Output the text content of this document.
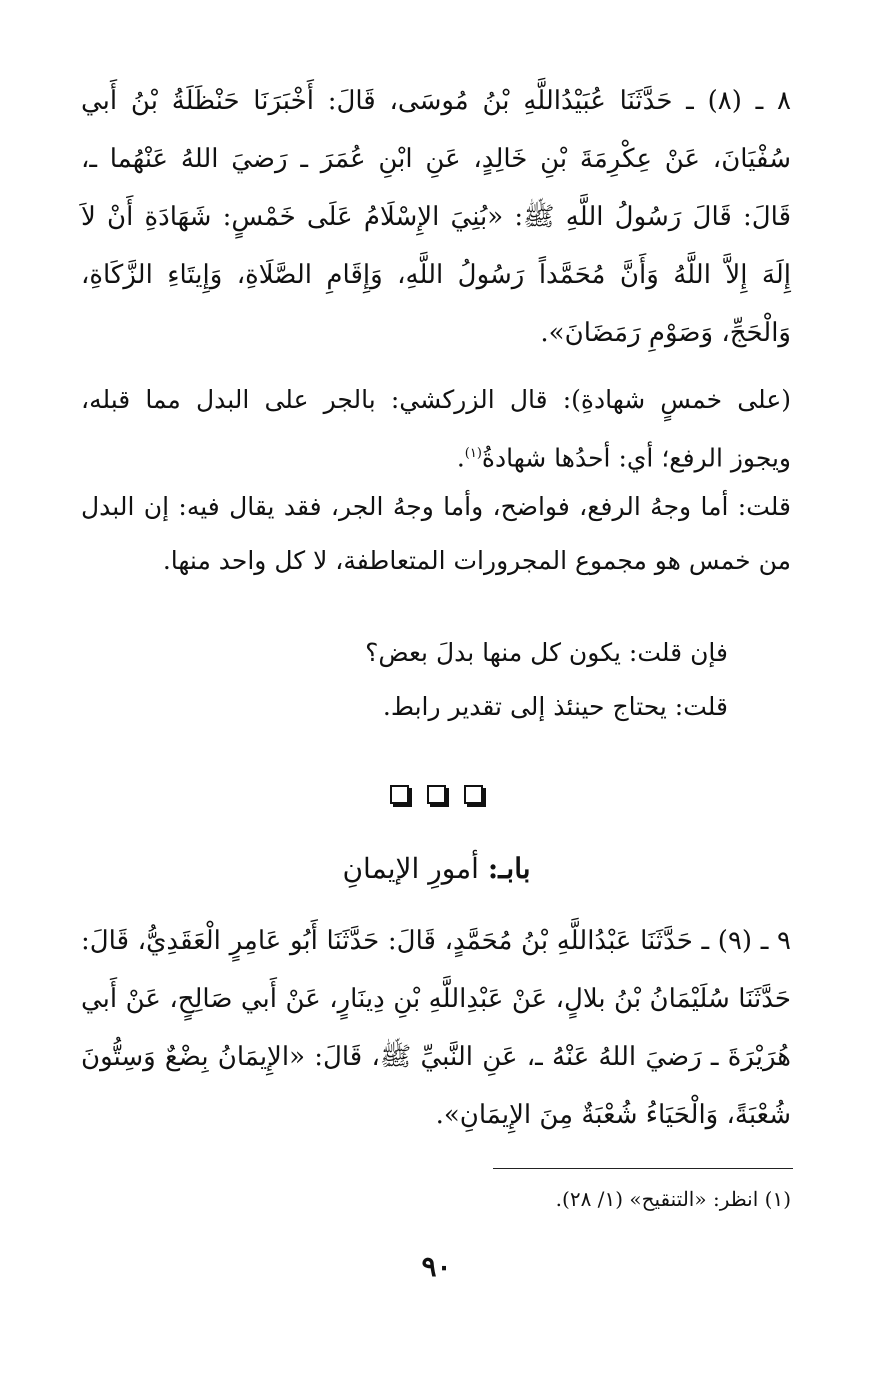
٨ ـ (٨) ـ حَدَّثَنَا عُبَيْدُاللَّهِ بْنُ مُوسَى، قَالَ: أَخْبَرَنَا حَنْظَلَةُ بْنُ أَبي سُفْيَانَ، عَنْ عِكْرِمَةَ بْنِ خَالِدٍ، عَنِ ابْنِ عُمَرَ ـ رَضيَ اللهُ عَنْهُما ـ، قَالَ: قَالَ رَسُولُ اللَّهِ ﷺ: «بُنِيَ الإِسْلَامُ عَلَى خَمْسٍ: شَهَادَةِ أَنْ لاَ إِلَهَ إِلاَّ اللَّهُ وَأَنَّ مُحَمَّداً رَسُولُ اللَّهِ، وَإِقَامِ الصَّلَاةِ، وَإِيتَاءِ الزَّكَاةِ، وَالْحَجِّ، وَصَوْمِ رَمَضَانَ».

(على خمسٍ شهادةِ): قال الزركشي: بالجر على البدل مما قبله، ويجوز الرفع؛ أي: أحدُها شهادةُ$^{(١)}$.

قلت: أما وجهُ الرفع، فواضح، وأما وجهُ الجر، فقد يقال فيه: إن البدل من خمس هو مجموع المجرورات المتعاطفة، لا كل واحد منها.

فإن قلت: يكون كل منها بدلَ بعض؟

قلت: يحتاج حينئذ إلى تقدير رابط.

بابـ: أمورِ الإيمانِ

٩ ـ (٩) ـ حَدَّثَنَا عَبْدُاللَّهِ بْنُ مُحَمَّدٍ، قَالَ: حَدَّثَنَا أَبُو عَامِرٍ الْعَقَدِيُّ، قَالَ: حَدَّثَنَا سُلَيْمَانُ بْنُ بلالٍ، عَنْ عَبْدِاللَّهِ بْنِ دِينَارٍ، عَنْ أَبي صَالِحٍ، عَنْ أَبي هُرَيْرَةَ ـ رَضيَ اللهُ عَنْهُ ـ، عَنِ النَّبيِّ ﷺ، قَالَ: «الإِيمَانُ بِضْعٌ وَسِتُّونَ شُعْبَةً، وَالْحَيَاءُ شُعْبَةٌ مِنَ الإِيمَانِ».

(١) انظر: «التنقيح» (١/ ٢٨).

٩٠
